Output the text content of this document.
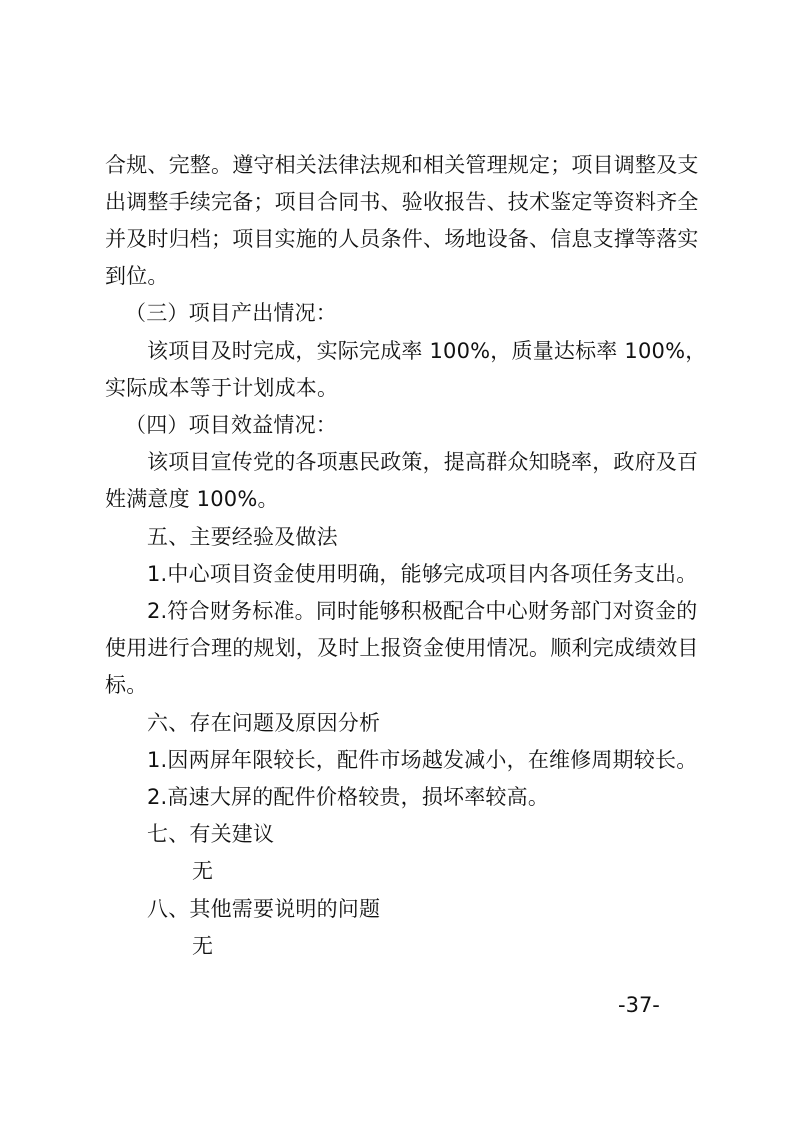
合规、完整。遵守相关法律法规和相关管理规定；项目调整及支
出调整手续完备；项目合同书、验收报告、技术鉴定等资料齐全
并及时归档；项目实施的人员条件、场地设备、信息支撑等落实
到位。
（三）项目产出情况：
该项目及时完成，实际完成率 100%，质量达标率 100%，
实际成本等于计划成本。
（四）项目效益情况：
该项目宣传党的各项惠民政策，提高群众知晓率，政府及百
姓满意度 100%。
五、主要经验及做法
1.中心项目资金使用明确，能够完成项目内各项任务支出。
2.符合财务标准。同时能够积极配合中心财务部门对资金的
使用进行合理的规划，及时上报资金使用情况。顺利完成绩效目
标。
六、存在问题及原因分析
1.因两屏年限较长，配件市场越发减小，在维修周期较长。
2.高速大屏的配件价格较贵，损坏率较高。
七、有关建议
无
八、其他需要说明的问题
无
-37-
